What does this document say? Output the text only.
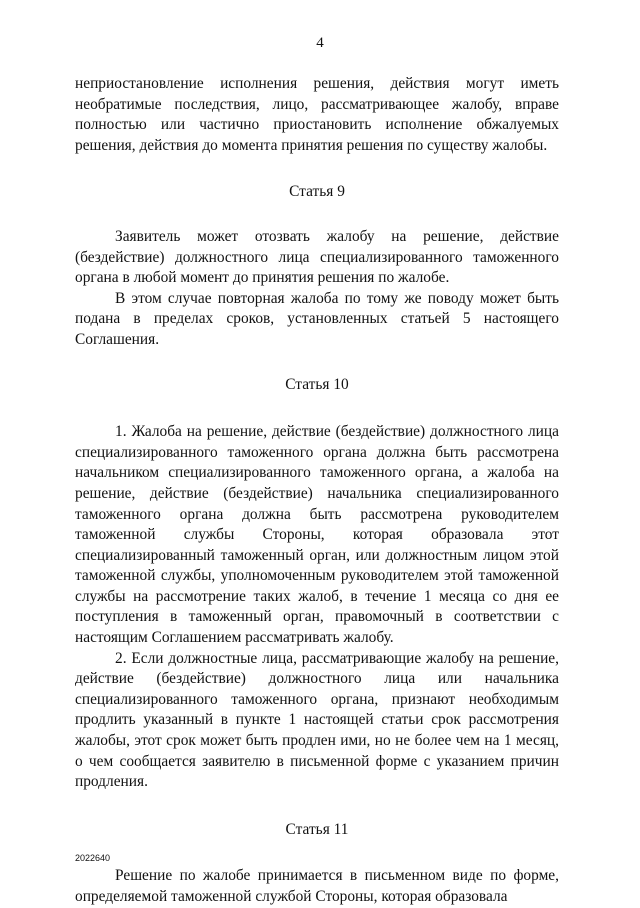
4

неприостановление исполнения решения, действия могут иметь необратимые последствия, лицо, рассматривающее жалобу, вправе полностью или частично приостановить исполнение обжалуемых решения, действия до момента принятия решения по существу жалобы.

Статья 9

Заявитель может отозвать жалобу на решение, действие (бездействие) должностного лица специализированного таможенного органа в любой момент до принятия решения по жалобе.

В этом случае повторная жалоба по тому же поводу может быть подана в пределах сроков, установленных статьей 5 настоящего Соглашения.

Статья 10

1. Жалоба на решение, действие (бездействие) должностного лица специализированного таможенного органа должна быть рассмотрена начальником специализированного таможенного органа, а жалоба на решение, действие (бездействие) начальника специализированного таможенного органа должна быть рассмотрена руководителем таможенной службы Стороны, которая образовала этот специализированный таможенный орган, или должностным лицом этой таможенной службы, уполномоченным руководителем этой таможенной службы на рассмотрение таких жалоб, в течение 1 месяца со дня ее поступления в таможенный орган, правомочный в соответствии с настоящим Соглашением рассматривать жалобу.

2. Если должностные лица, рассматривающие жалобу на решение, действие (бездействие) должностного лица или начальника специализированного таможенного органа, признают необходимым продлить указанный в пункте 1 настоящей статьи срок рассмотрения жалобы, этот срок может быть продлен ими, но не более чем на 1 месяц, о чем сообщается заявителю в письменной форме с указанием причин продления.

Статья 11

Решение по жалобе принимается в письменном виде по форме, определяемой таможенной службой Стороны, которая образовала

2022640
